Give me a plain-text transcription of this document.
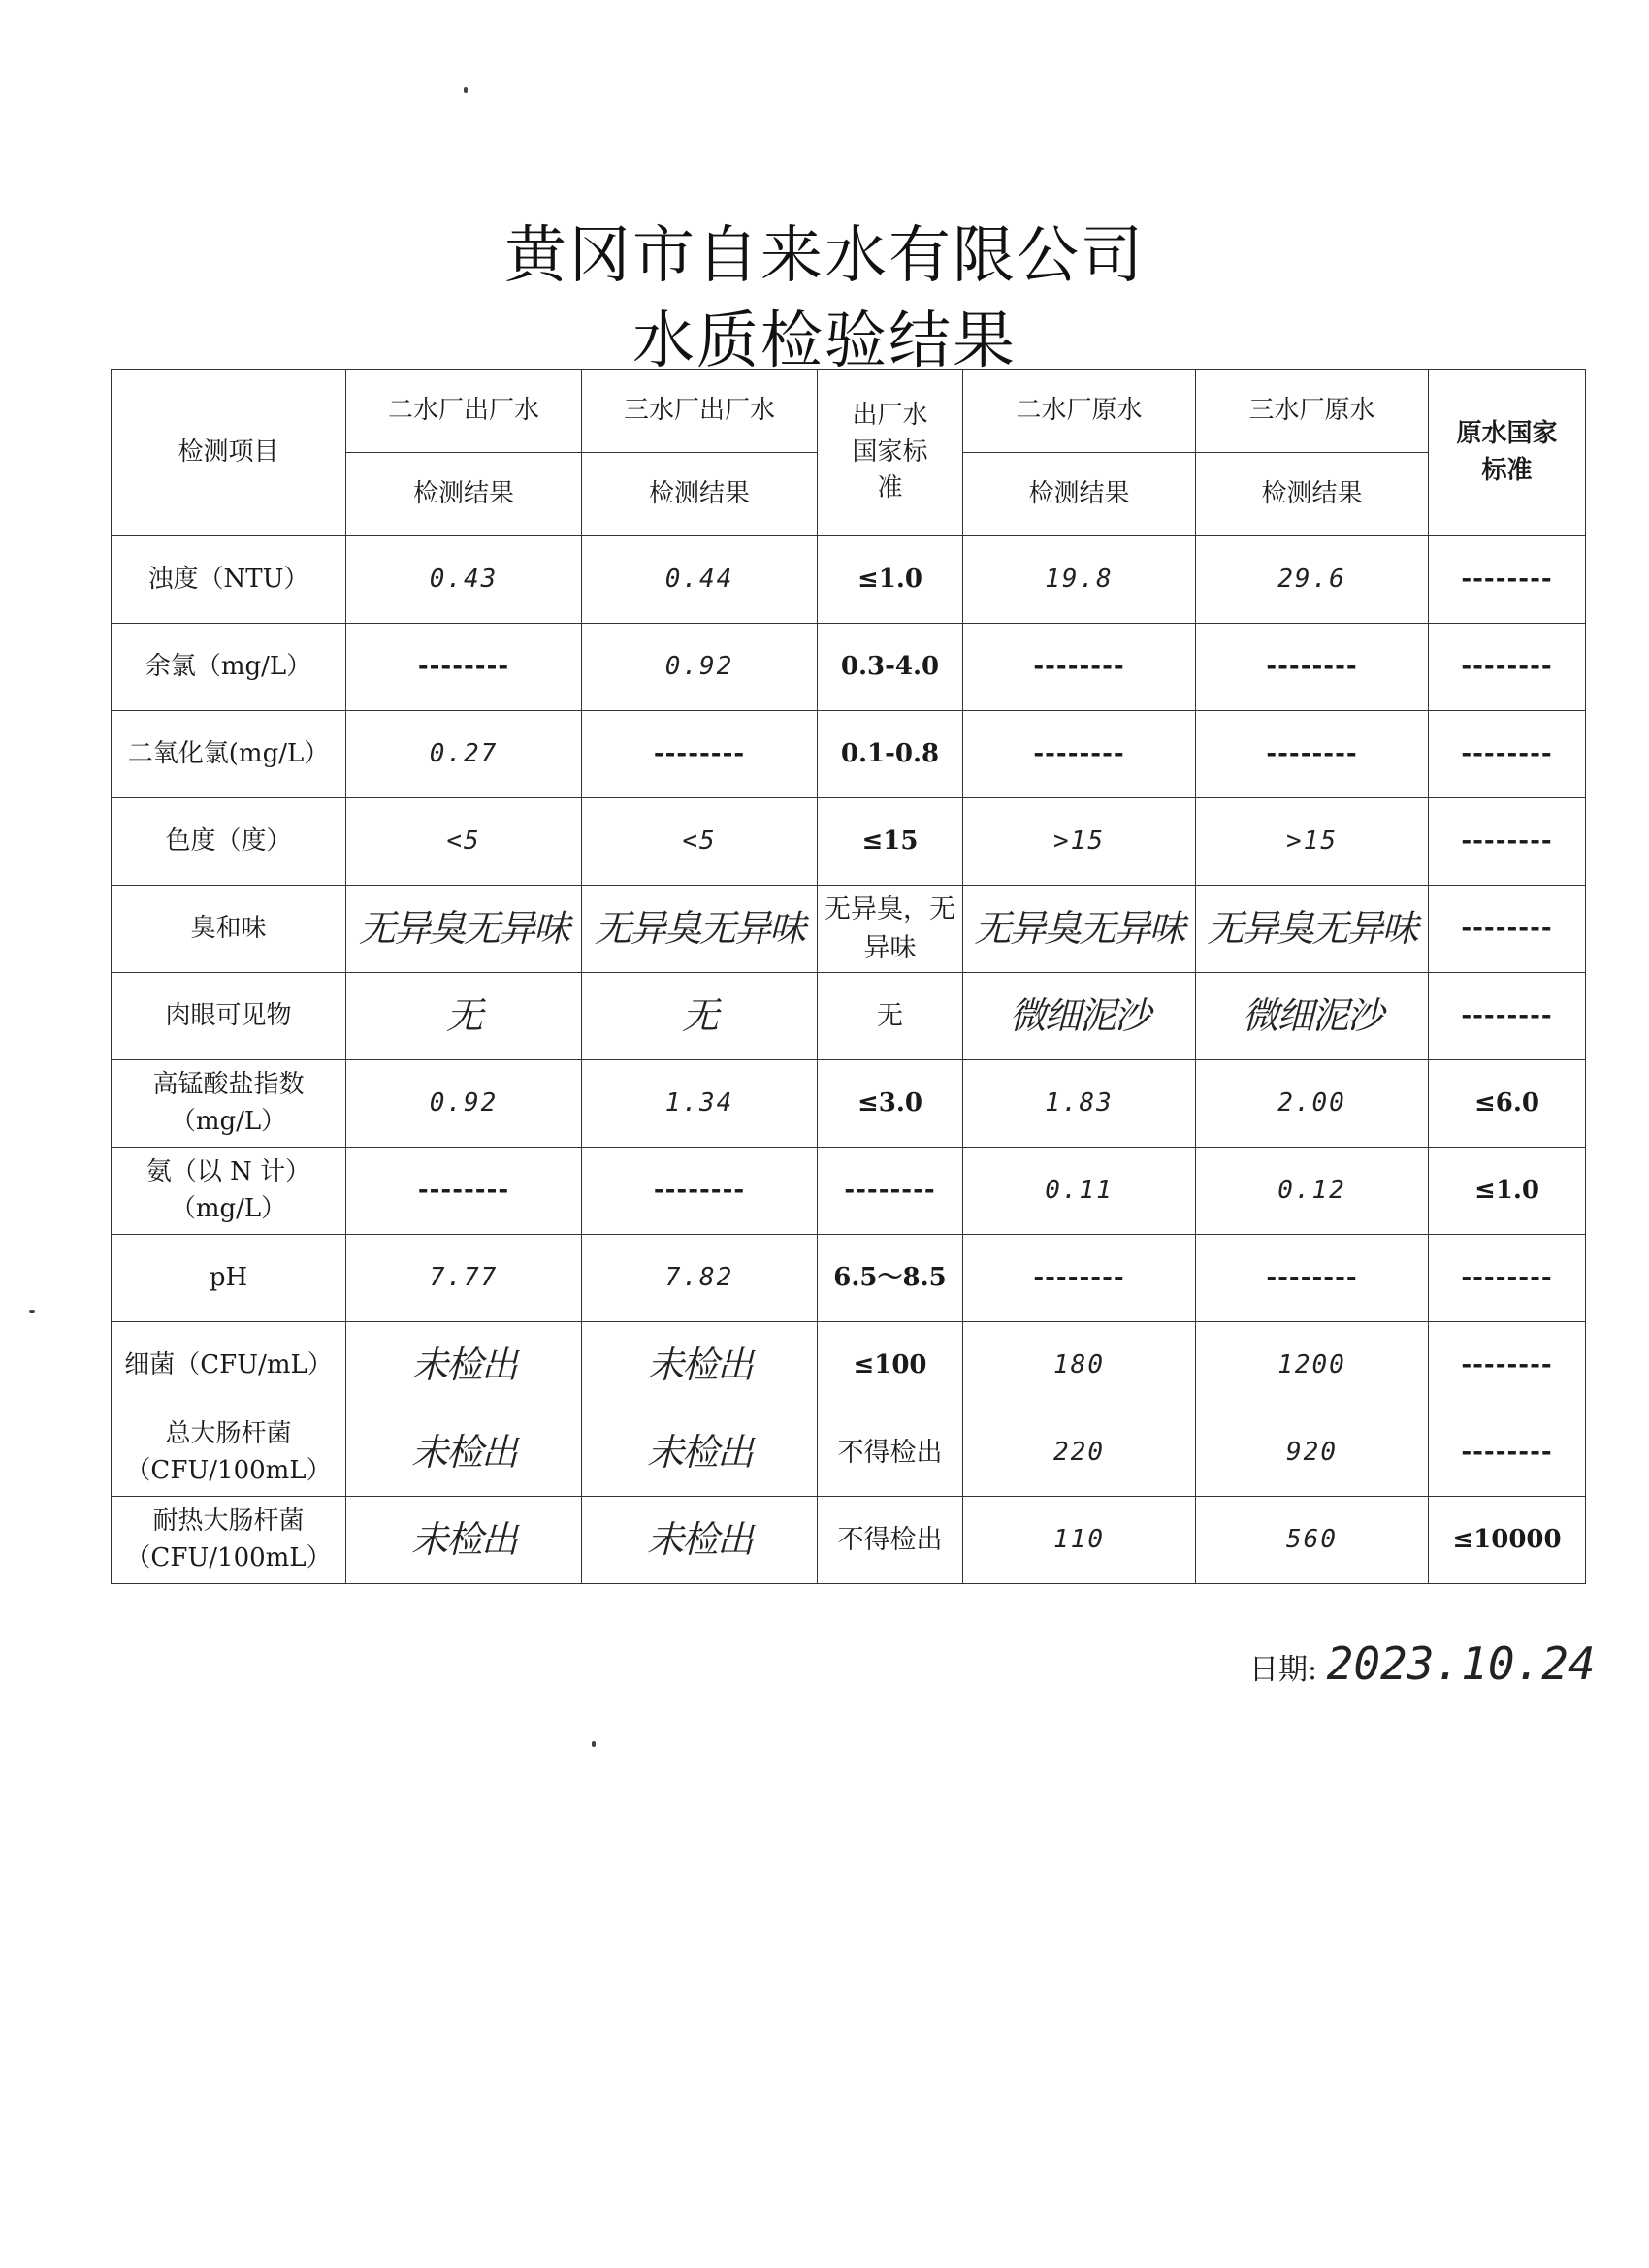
黄冈市自来水有限公司
水质检验结果
检测项目	二水厂出厂水	三水厂出厂水	出厂水国家标准	二水厂原水	三水厂原水	原水国家标准
	检测结果	检测结果		检测结果	检测结果	
浊度（NTU）	0.43	0.44	≤1.0	19.8	29.6	--------
余氯（mg/L）	--------	0.92	0.3-4.0	--------	--------	--------
二氧化氯(mg/L）	0.27	--------	0.1-0.8	--------	--------	--------
色度（度）	<5	<5	≤15	>15	>15	--------
臭和味	无异臭无异味	无异臭无异味	无异臭，无异味	无异臭无异味	无异臭无异味	--------
肉眼可见物	无	无	无	微细泥沙	微细泥沙	--------
高锰酸盐指数（mg/L）	0.92	1.34	≤3.0	1.83	2.00	≤6.0
氨（以 N 计）（mg/L）	--------	--------	--------	0.11	0.12	≤1.0
pH	7.77	7.82	6.5～8.5	--------	--------	--------
细菌（CFU/mL）	未检出	未检出	≤100	180	1200	--------
总大肠杆菌（CFU/100mL）	未检出	未检出	不得检出	220	920	--------
耐热大肠杆菌（CFU/100mL）	未检出	未检出	不得检出	110	560	≤10000
日期: 2023.10.24
